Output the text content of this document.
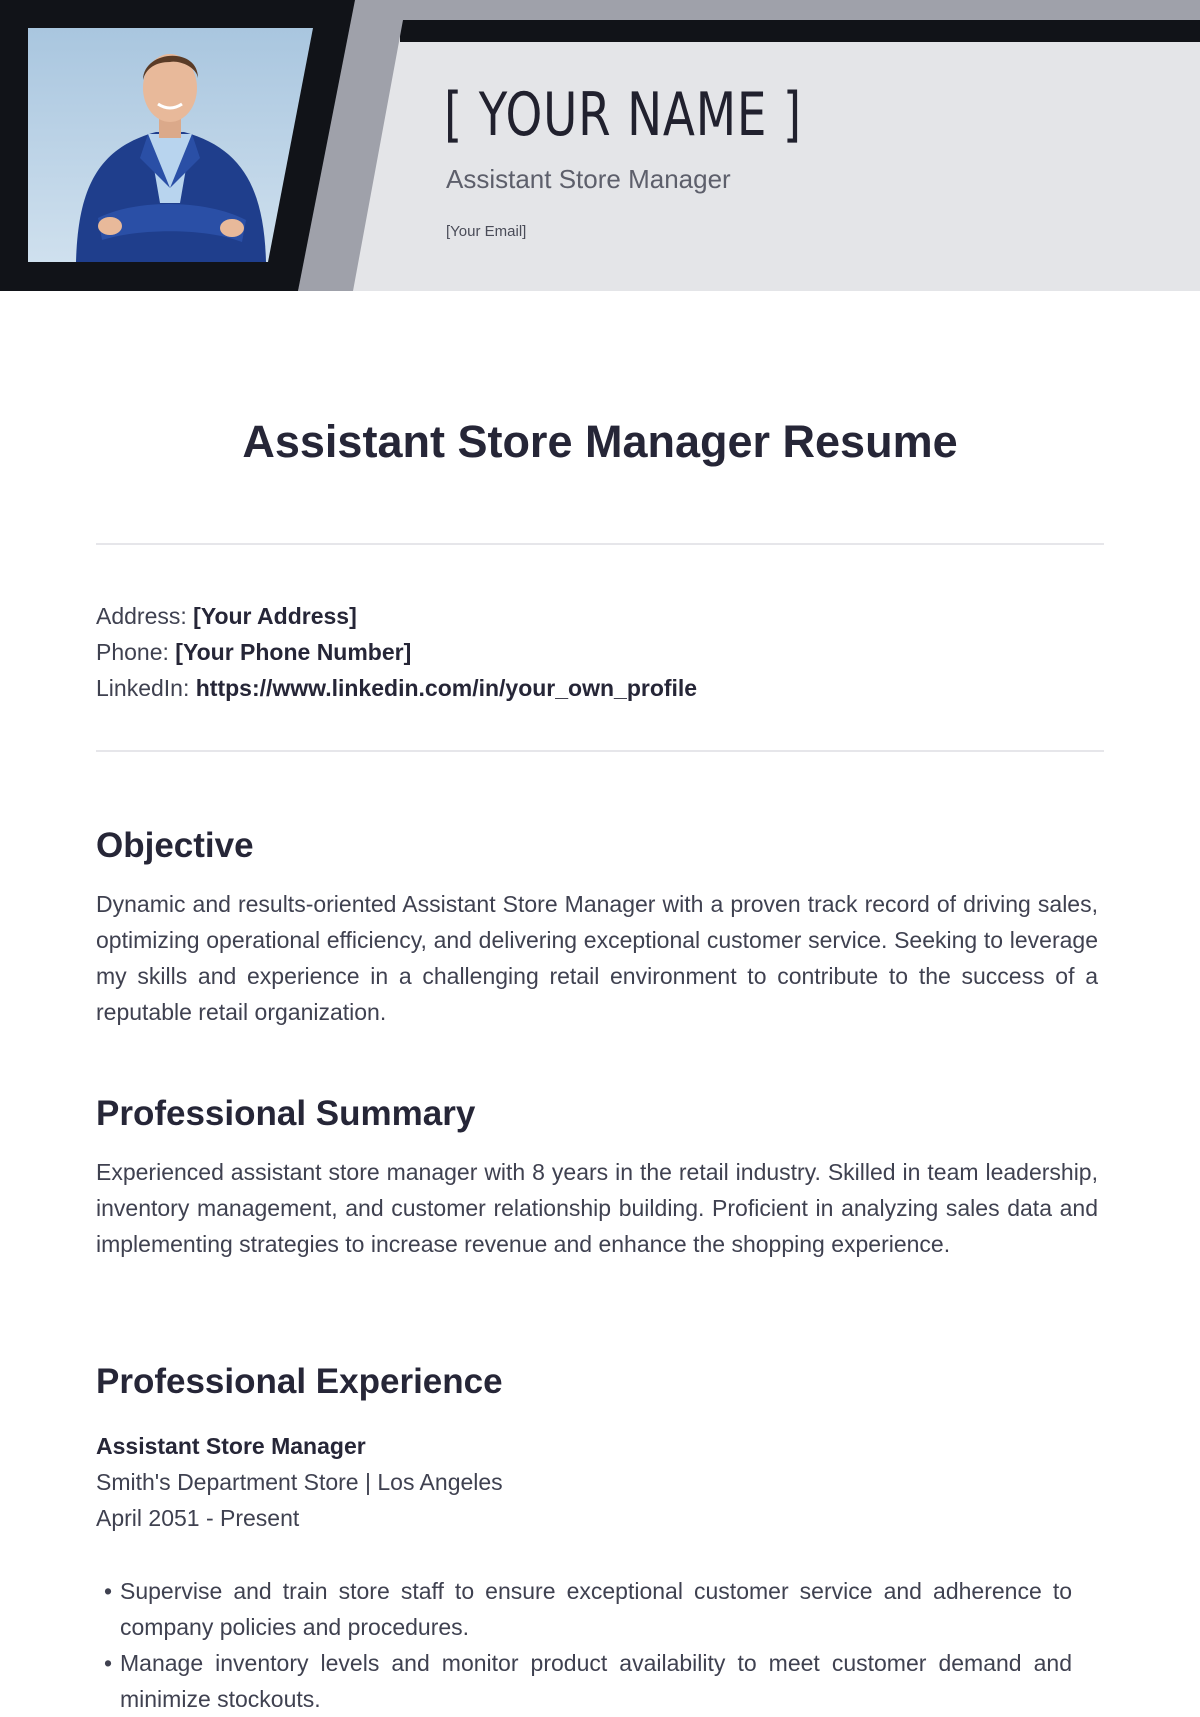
[ YOUR NAME ]
Assistant Store Manager
[Your Email]
Assistant Store Manager Resume
Address: [Your Address]
Phone: [Your Phone Number]
LinkedIn: https://www.linkedin.com/in/your_own_profile
Objective

Dynamic and results-oriented Assistant Store Manager with a proven track record of driving sales, optimizing operational efficiency, and delivering exceptional customer service. Seeking to leverage my skills and experience in a challenging retail environment to contribute to the success of a reputable retail organization.

Professional Summary

Experienced assistant store manager with 8 years in the retail industry. Skilled in team leadership, inventory management, and customer relationship building. Proficient in analyzing sales data and implementing strategies to increase revenue and enhance the shopping experience.

Professional Experience
Assistant Store Manager
Smith's Department Store | Los Angeles
April 2051 - Present
• Supervise and train store staff to ensure exceptional customer service and adherence to company policies and procedures.
• Manage inventory levels and monitor product availability to meet customer demand and minimize stockouts.
